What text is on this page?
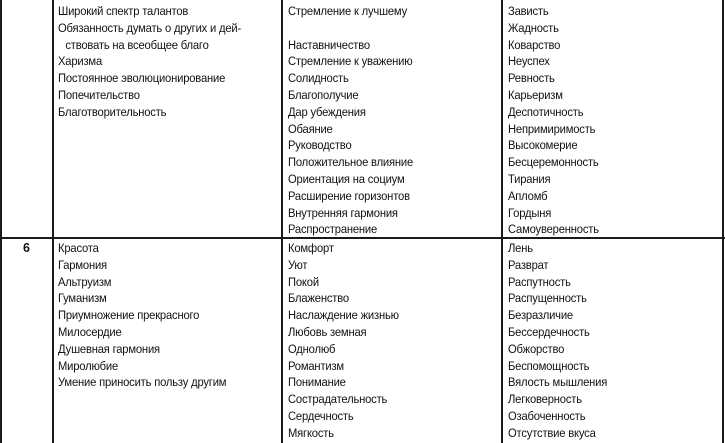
Широкий спектр талантов
Обязанность думать о других и дей-
ствовать на всеобщее благо
Харизма
Постоянное эволюционирование
Попечительство
Благотворительность
Стремление к лучшему
Наставничество
Стремление к уважению
Солидность
Благополучие
Дар убеждения
Обаяние
Руководство
Положительное влияние
Ориентация на социум
Расширение горизонтов
Внутренняя гармония
Распространение
Зависть
Жадность
Коварство
Неуспех
Ревность
Карьеризм
Деспотичность
Непримиримость
Высокомерие
Бесцеремонность
Тирания
Апломб
Гордыня
Самоуверенность
6	Красота
Гармония
Альтруизм
Гуманизм
Приумножение прекрасного
Милосердие
Душевная гармония
Миролюбие
Умение приносить пользу другим
Комфорт
Уют
Покой
Блаженство
Наслаждение жизнью
Любовь земная
Однолюб
Романтизм
Понимание
Сострадательность
Сердечность
Мягкость
Лень
Разврат
Распутность
Распущенность
Безразличие
Бессердечность
Обжорство
Беспомощность
Вялость мышления
Легковерность
Озабоченность
Отсутствие вкуса
